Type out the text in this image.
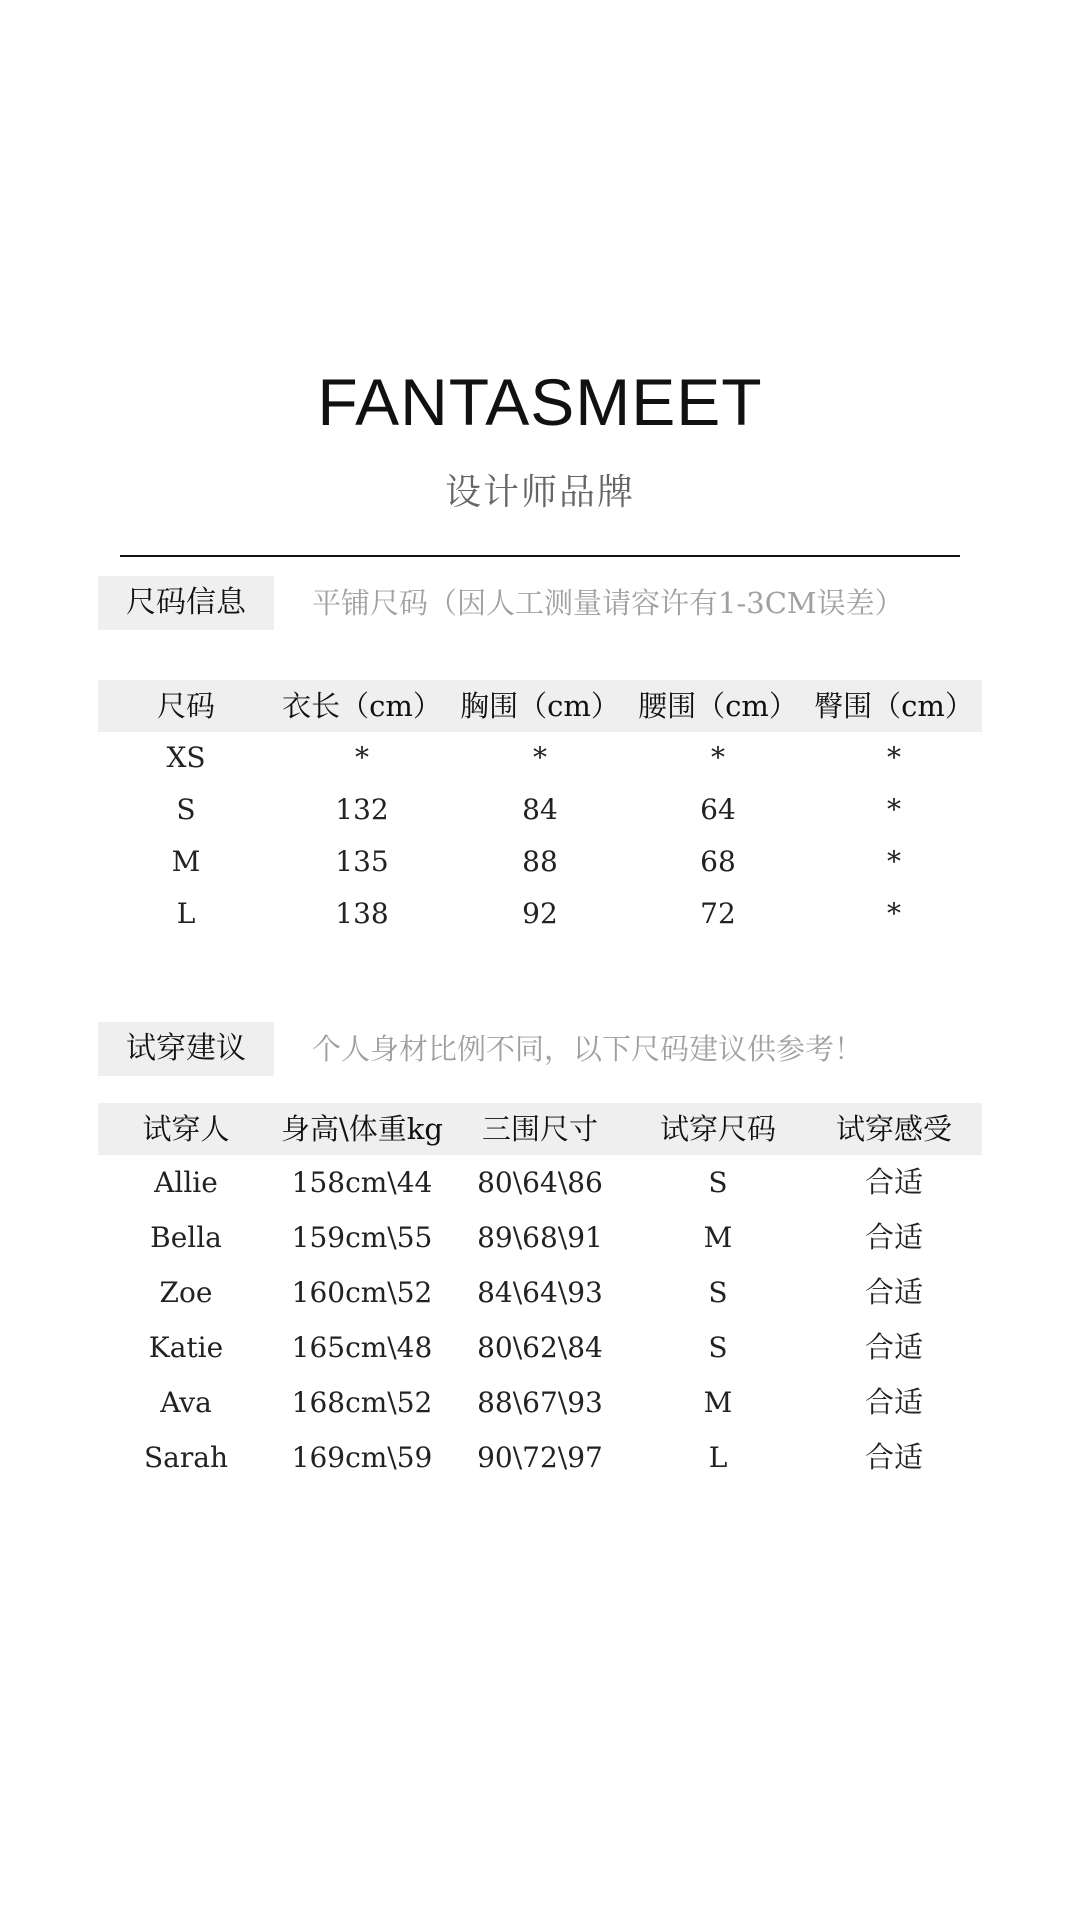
FANTASMEET
设计师品牌
尺码信息	平铺尺码（因人工测量请容许有1-3CM误差）
尺码	衣长（cm） 胸围（cm） 腰围（cm） 臀围（cm）
XS	*	*	*	*
S	132	84	64	*
M	135	88	68	*
L	138	92	72	*
试穿建议	个人身材比例不同，以下尺码建议供参考！
试穿人	身高\体重kg	三围尺寸	试穿尺码	试穿感受
Allie	158cm\44	80\64\86	S	合适
Bella	159cm\55	89\68\91	M	合适
Zoe	160cm\52	84\64\93	S	合适
Katie	165cm\48	80\62\84	S	合适
Ava	168cm\52	88\67\93	M	合适
Sarah	169cm\59	90\72\97	L	合适
